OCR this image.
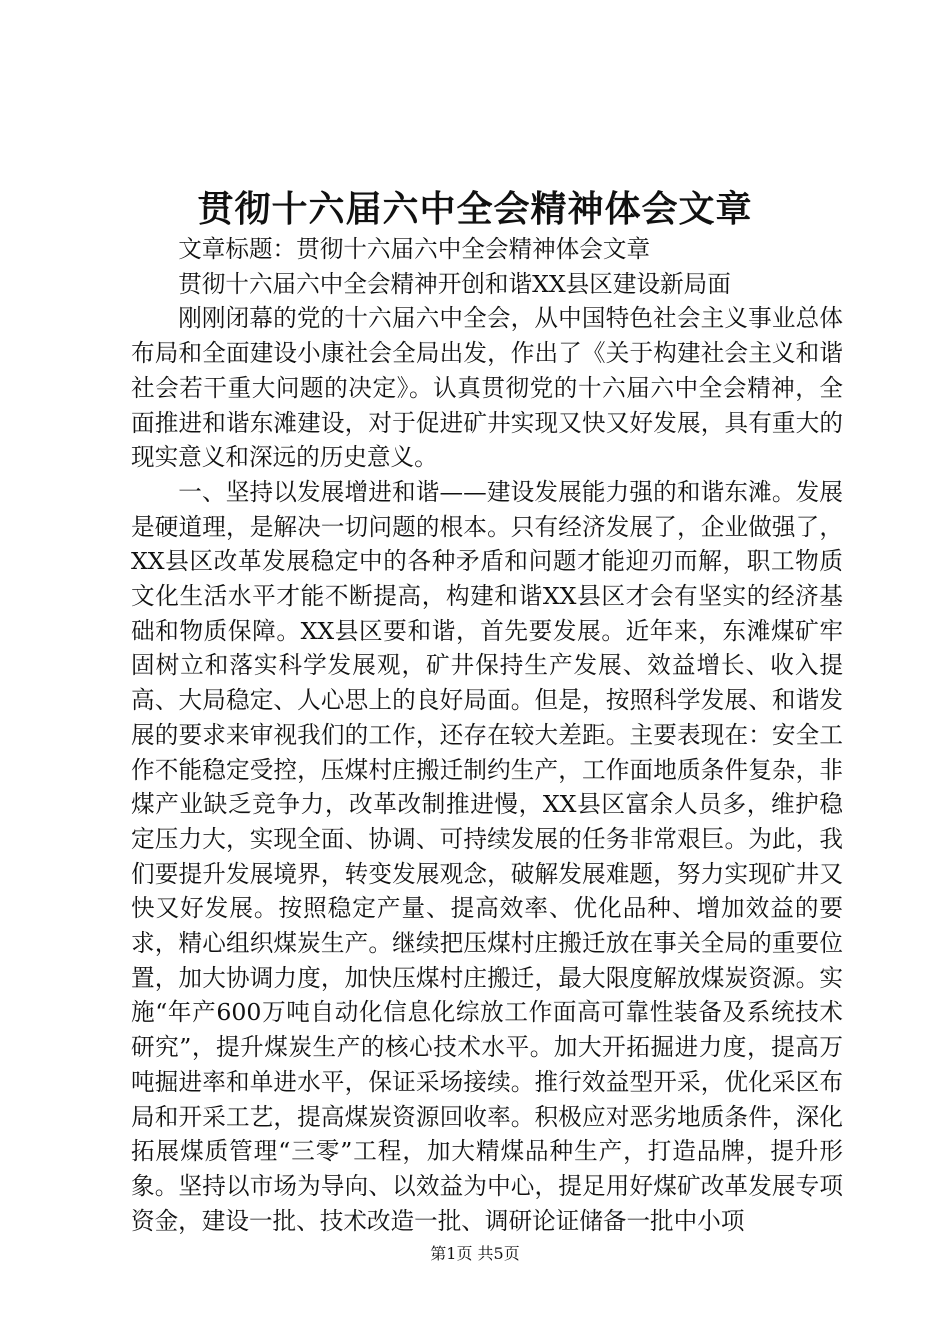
贯彻十六届六中全会精神体会文章

文章标题：贯彻十六届六中全会精神体会文章

贯彻十六届六中全会精神开创和谐XX县区建设新局面

刚刚闭幕的党的十六届六中全会，从中国特色社会主义事业总体布局和全面建设小康社会全局出发，作出了《关于构建社会主义和谐社会若干重大问题的决定》。认真贯彻党的十六届六中全会精神，全面推进和谐东滩建设，对于促进矿井实现又快又好发展，具有重大的现实意义和深远的历史意义。

一、坚持以发展增进和谐——建设发展能力强的和谐东滩。发展是硬道理，是解决一切问题的根本。只有经济发展了，企业做强了，XX县区改革发展稳定中的各种矛盾和问题才能迎刃而解，职工物质文化生活水平才能不断提高，构建和谐XX县区才会有坚实的经济基础和物质保障。XX县区要和谐，首先要发展。近年来，东滩煤矿牢固树立和落实科学发展观，矿井保持生产发展、效益增长、收入提高、大局稳定、人心思上的良好局面。但是，按照科学发展、和谐发展的要求来审视我们的工作，还存在较大差距。主要表现在：安全工作不能稳定受控，压煤村庄搬迁制约生产，工作面地质条件复杂，非煤产业缺乏竞争力，改革改制推进慢，XX县区富余人员多，维护稳定压力大，实现全面、协调、可持续发展的任务非常艰巨。为此，我们要提升发展境界，转变发展观念，破解发展难题，努力实现矿井又快又好发展。按照稳定产量、提高效率、优化品种、增加效益的要求，精心组织煤炭生产。继续把压煤村庄搬迁放在事关全局的重要位置，加大协调力度，加快压煤村庄搬迁，最大限度解放煤炭资源。实施“年产600万吨自动化信息化综放工作面高可靠性装备及系统技术研究”，提升煤炭生产的核心技术水平。加大开拓掘进力度，提高万吨掘进率和单进水平，保证采场接续。推行效益型开采，优化采区布局和开采工艺，提高煤炭资源回收率。积极应对恶劣地质条件，深化拓展煤质管理“三零”工程，加大精煤品种生产，打造品牌，提升形象。坚持以市场为导向、以效益为中心，提足用好煤矿改革发展专项资金，建设一批、技术改造一批、调研论证储备一批中小项

第1页 共5页
